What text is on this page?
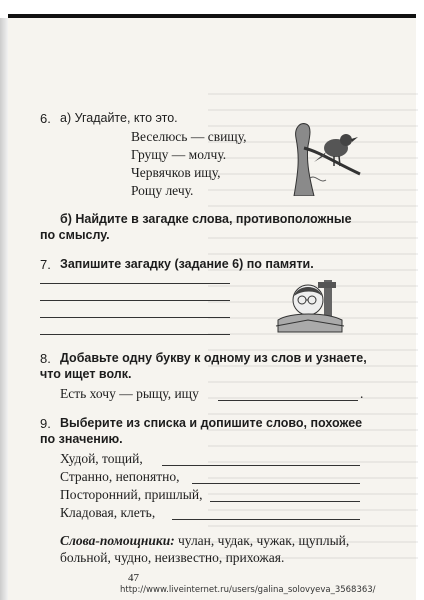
6. а) Угадайте, кто это.
Веселюсь — свищу,
Грущу — молчу.
Червячков ищу,
Рощу лечу.
б) Найдите в загадке слова, противоположные
по смыслу.
7. Запишите загадку (задание 6) по памяти.
8. Добавьте одну букву к одному из слов и узнаете,
что ищет волк.
Есть хочу — рыщу, ищу	.
9. Выберите из списка и допишите слово, похожее
по значению.
Худой, тощий,
Странно, непонятно,
Посторонний, пришлый,
Кладовая, клеть,
Слова-помощники: чулан, чудак, чужак, щуплый,
больной, чудно, неизвестно, прихожая.
47
http://www.liveinternet.ru/users/galina_solovyeva_3568363/
